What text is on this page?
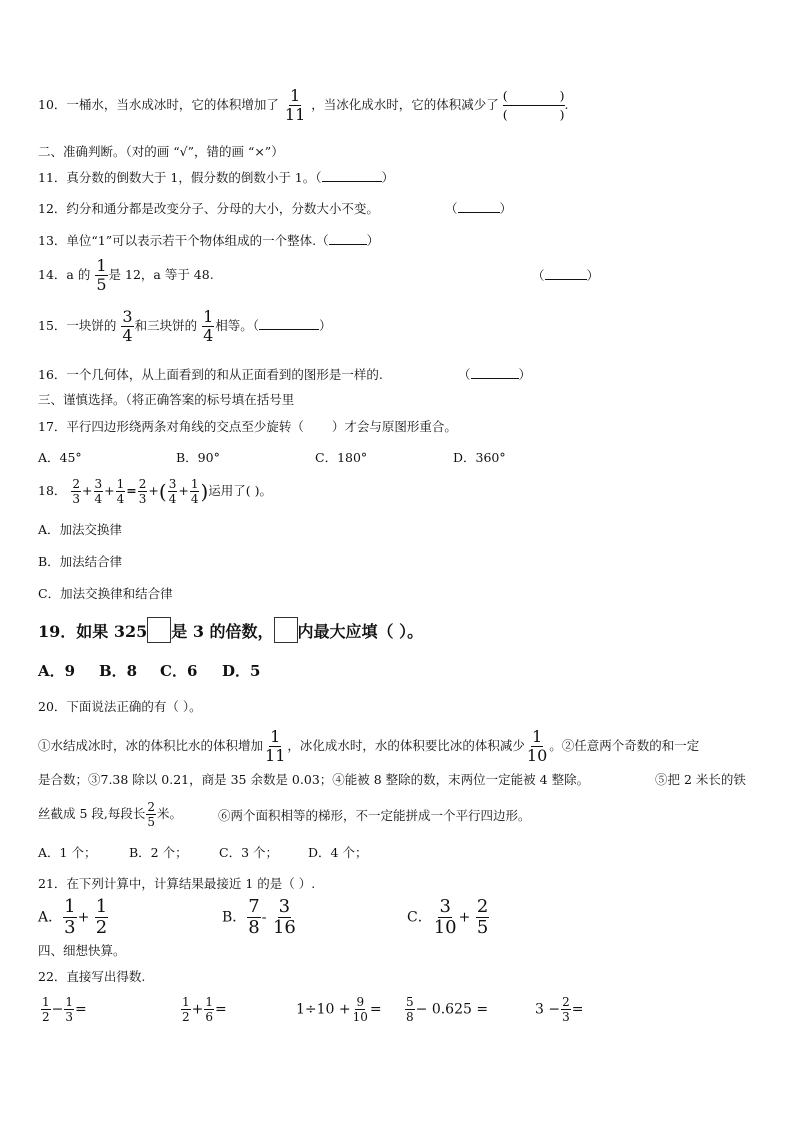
10．一桶水，当水成冰时，它的体积增加了 $\frac{1}{11}$ ，当冰化成水时，它的体积减少了 (	)
(	) .
二、准确判断。（对的画 “√”，错的画 “×”）
11．真分数的倒数大于 1，假分数的倒数小于 1。（	）
12．约分和通分都是改变分子、分母的大小，分数大小不变。	（	）
13．单位“1”可以表示若干个物体组成的一个整体.（	）
14．a 的 $\frac{1}{5}$ 是 12，a 等于 48.	（	）
15．一块饼的 $\frac{3}{4}$ 和三块饼的 $\frac{1}{4}$ 相等。（	）
16．一个几何体，从上面看到的和从正面看到的图形是一样的.	（	）
三、谨慎选择。（将正确答案的标号填在括号里
17．平行四边形绕两条对角线的交点至少旋转（ ）才会与原图形重合。
A．45°	B．90°	C．180°	D．360°
18． $\frac{2}{3} + \frac{3}{4} + \frac{1}{4} = \frac{2}{3}$ +( $\frac{3}{4} + \frac{1}{4}$ )运用了( )。
A．加法交换律
B．加法结合律
C．加法交换律和结合律
19．如果 325 是 3 的倍数， 内最大应填（ ）。
A．9 B．8 C．6 D．5
20．下面说法正确的有（ ）。
①水结成冰时，冰的体积比水的体积增加 $\frac{1}{11}$ ，冰化成水时，水的体积要比冰的体积减少 $\frac{1}{10}$ 。②任意两个奇数的和一定
是合数；③7.38 除以 0.21，商是 35 余数是 0.03；④能被 8 整除的数，末两位一定能被 4 整除。	⑤把 2 米长的铁
丝截成 5 段,每段长 $\frac{2}{5}$ 米。	⑥两个面积相等的梯形，不一定能拼成一个平行四边形。
A．1 个；	B．2 个；	C．3 个； D．4 个；
21．在下列计算中，计算结果最接近 1 的是（ ）.
A． $\frac{1}{3} + \frac{1}{2}$	B． $\frac{7}{8} - \frac{3}{16}$	C． $\frac{3}{10} + \frac{2}{5}$
四、细想快算。
22．直接写出得数.
$\frac{1}{2} - \frac{1}{3}$ =	$\frac{1}{2} + \frac{1}{6}$ =	$1\div 10 + \frac{9}{10} = \frac{5}{8} - 0.625$ =	$3 - \frac{2}{3}$ =
